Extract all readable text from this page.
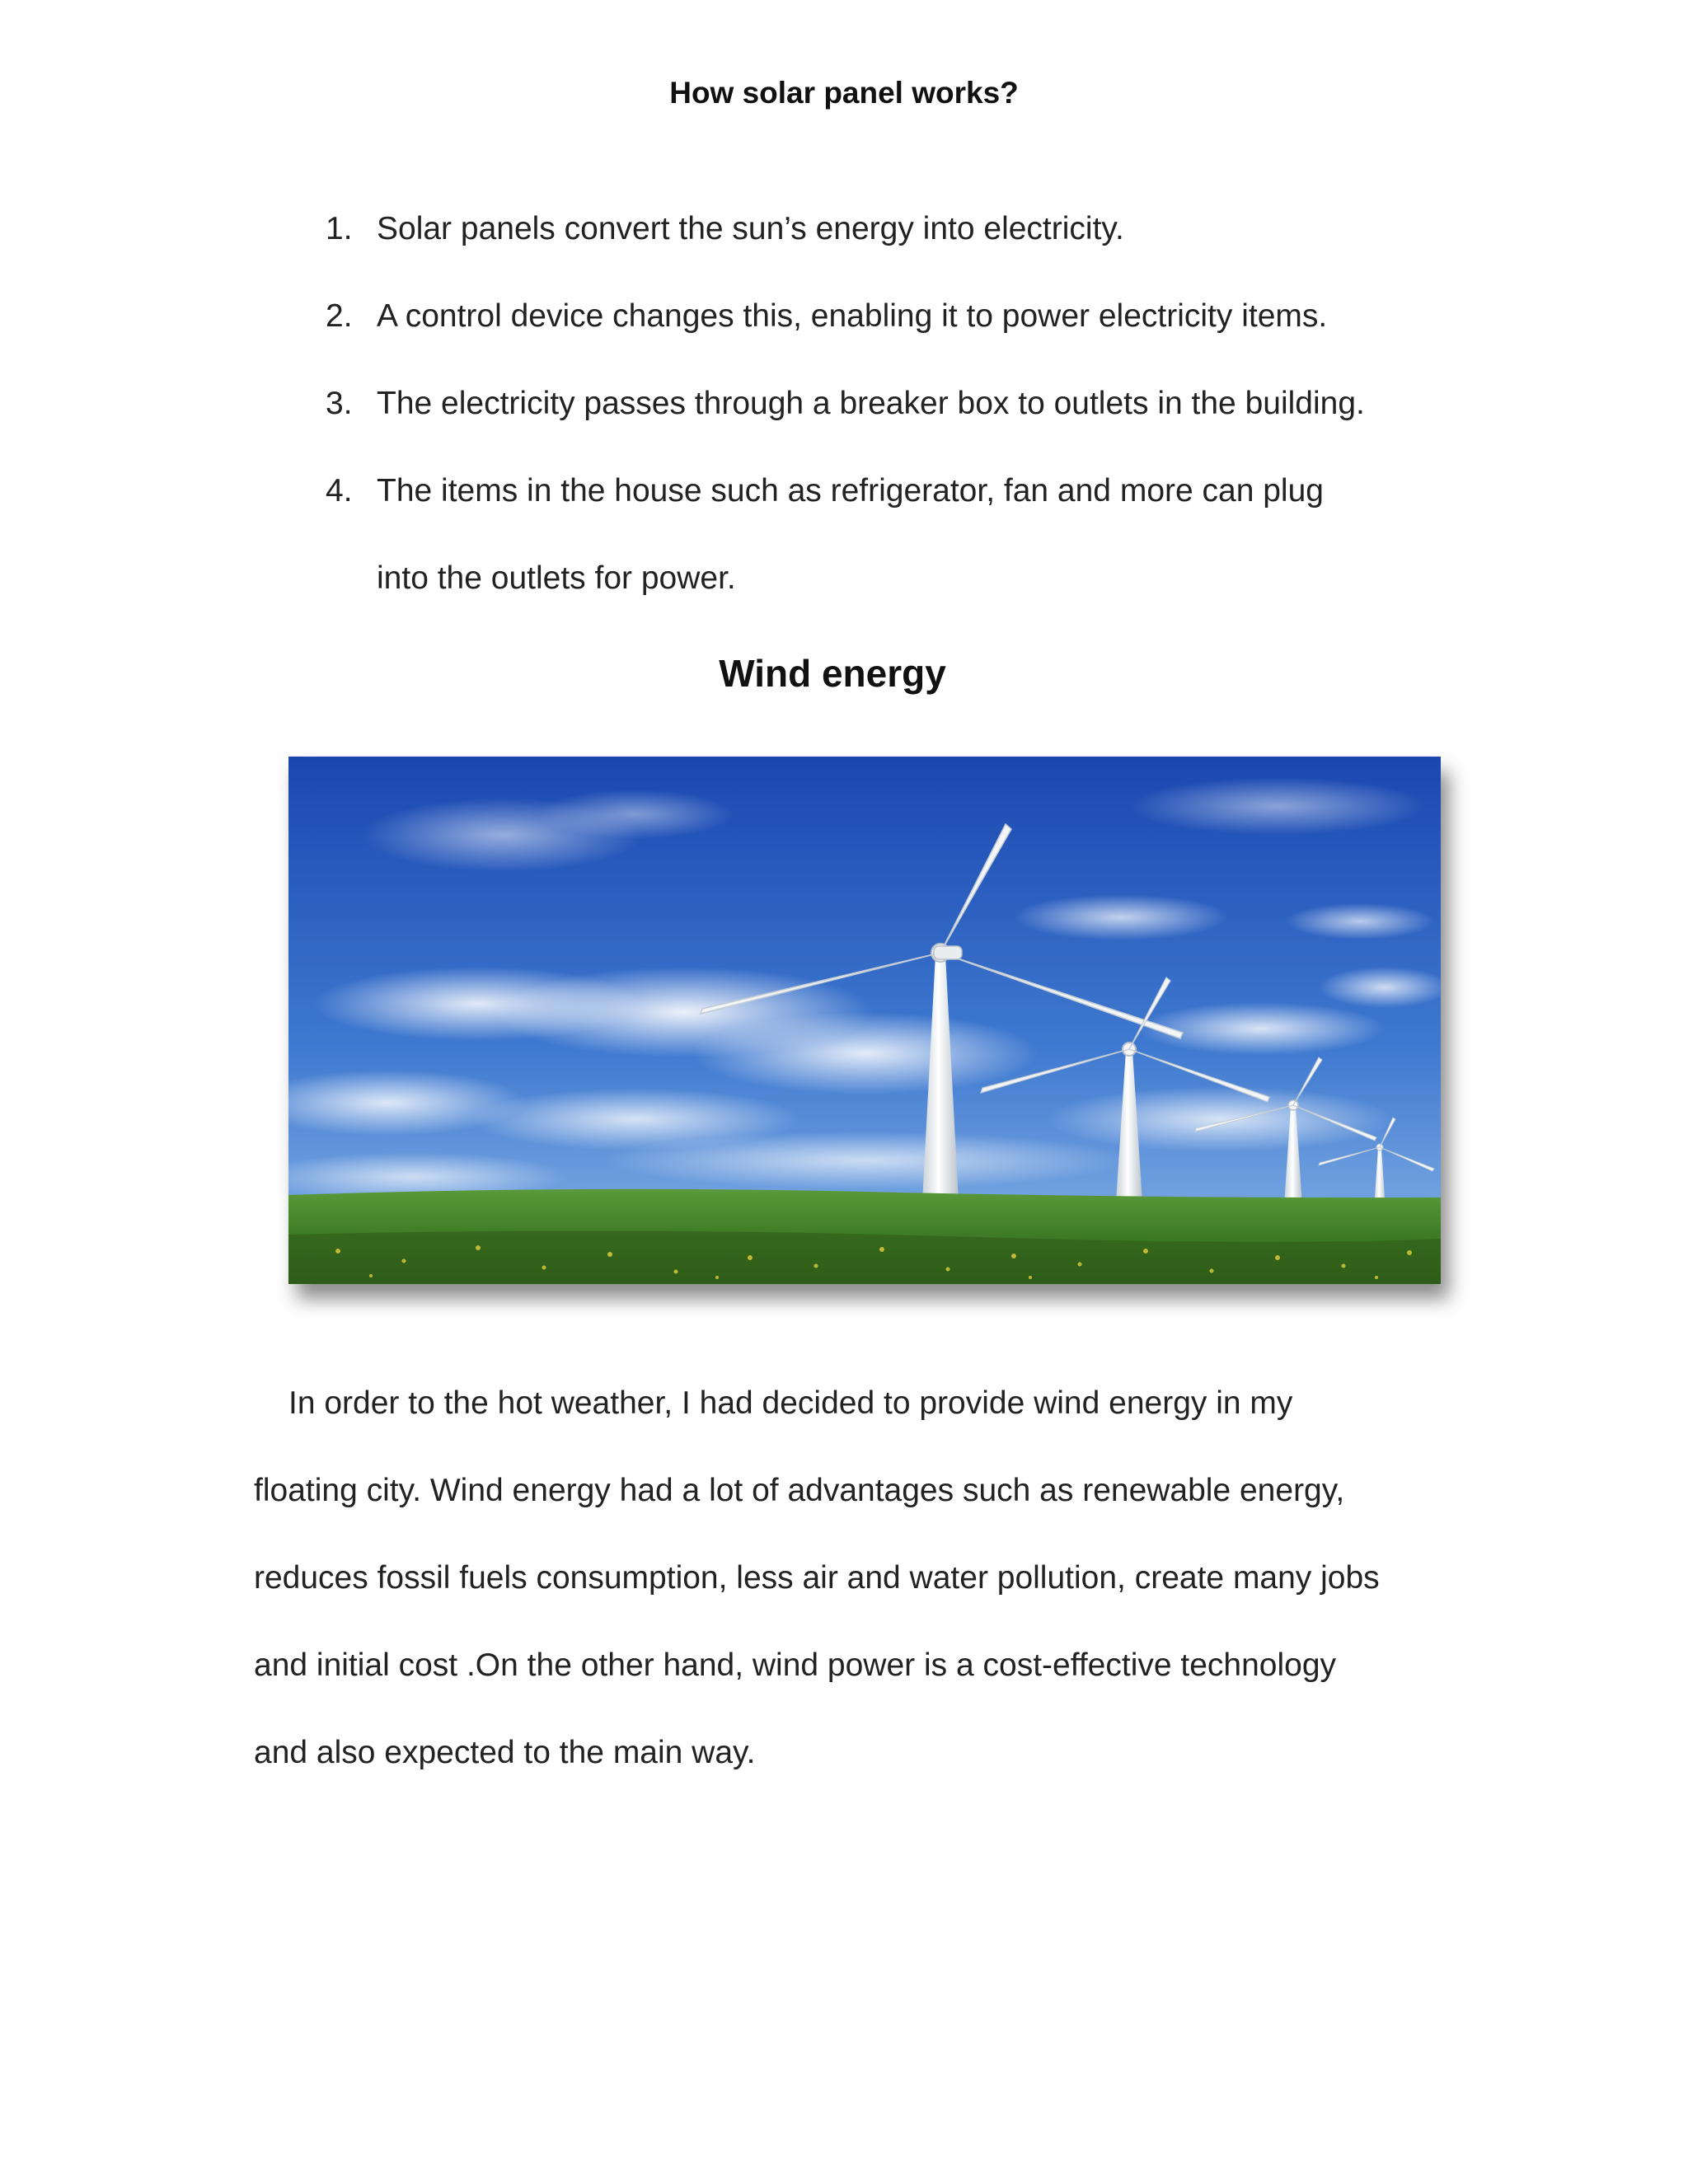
How solar panel works?
1. Solar panels convert the sun’s energy into electricity.
2. A control device changes this, enabling it to power electricity items.
3. The electricity passes through a breaker box to outlets in the building.
4. The items in the house such as refrigerator, fan and more can plug
into the outlets for power.
Wind energy
In order to the hot weather, I had decided to provide wind energy in my
floating city. Wind energy had a lot of advantages such as renewable energy,
reduces fossil fuels consumption, less air and water pollution, create many jobs
and initial cost .On the other hand, wind power is a cost-effective technology
and also expected to the main way.
